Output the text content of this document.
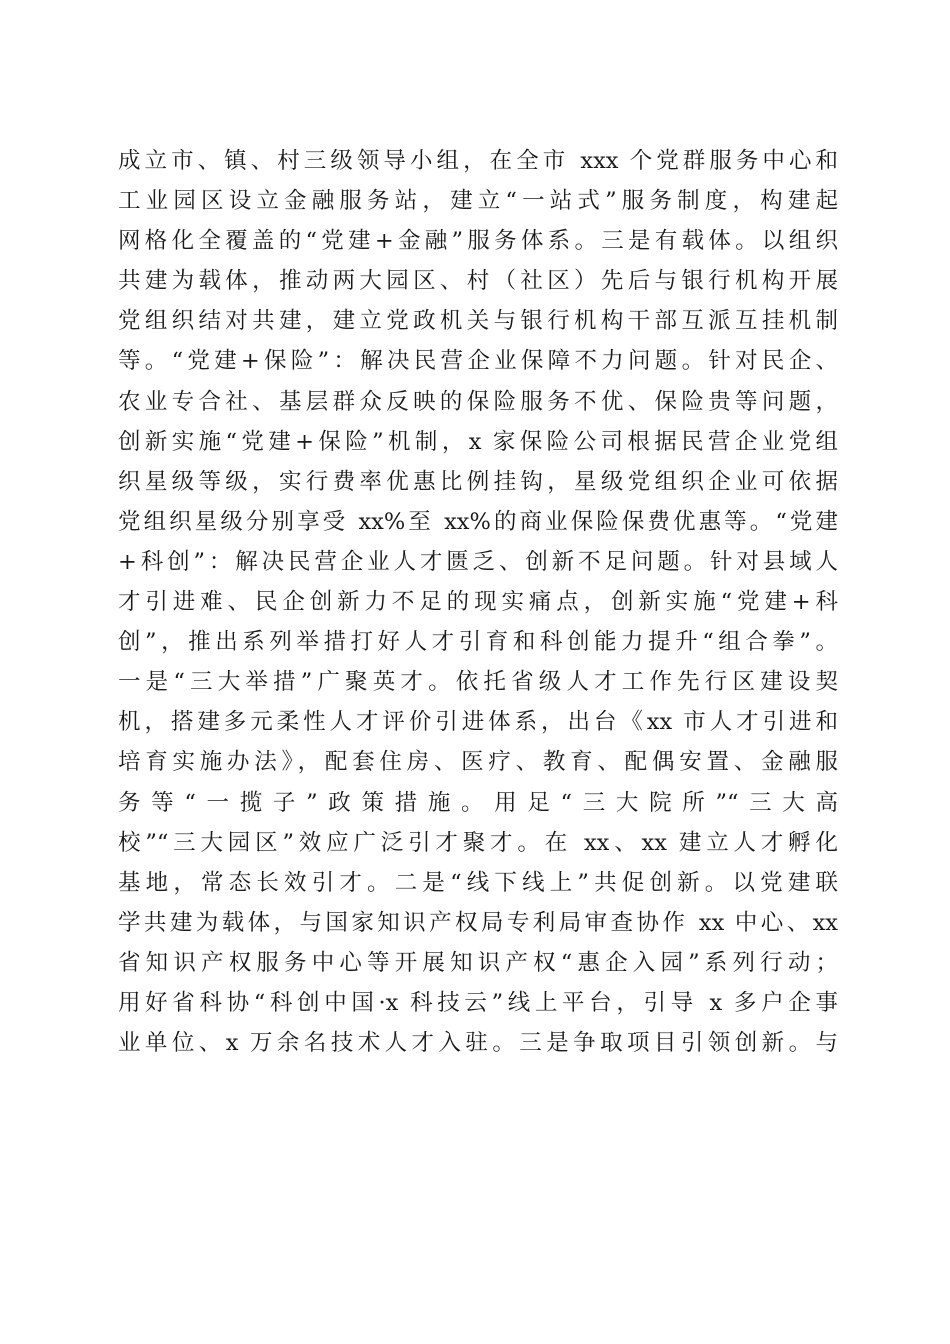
成立市、镇、村三级领导小组，在全市 xxx 个党群服务中心和
工业园区设立金融服务站，建立“一站式”服务制度，构建起
网格化全覆盖的“党建+金融”服务体系。三是有载体。以组织
共建为载体，推动两大园区、村（社区）先后与银行机构开展
党组织结对共建，建立党政机关与银行机构干部互派互挂机制
等。“党建+保险”：解决民营企业保障不力问题。针对民企、
农业专合社、基层群众反映的保险服务不优、保险贵等问题，
创新实施“党建+保险”机制，x 家保险公司根据民营企业党组
织星级等级，实行费率优惠比例挂钩，星级党组织企业可依据
党组织星级分别享受 xx%至 xx%的商业保险保费优惠等。“党建
+科创”：解决民营企业人才匮乏、创新不足问题。针对县域人
才引进难、民企创新力不足的现实痛点，创新实施“党建+科
创”，推出系列举措打好人才引育和科创能力提升“组合拳”。
一是“三大举措”广聚英才。依托省级人才工作先行区建设契
机，搭建多元柔性人才评价引进体系，出台《xx 市人才引进和
培育实施办法》，配套住房、医疗、教育、配偶安置、金融服
务等“一揽子”政策措施。用足“三大院所”“三大高
校”“三大园区”效应广泛引才聚才。在 xx、xx 建立人才孵化
基地，常态长效引才。二是“线下线上”共促创新。以党建联
学共建为载体，与国家知识产权局专利局审查协作 xx 中心、xx
省知识产权服务中心等开展知识产权“惠企入园”系列行动；
用好省科协“科创中国·x 科技云”线上平台，引导 x 多户企事
业单位、x 万余名技术人才入驻。三是争取项目引领创新。与
